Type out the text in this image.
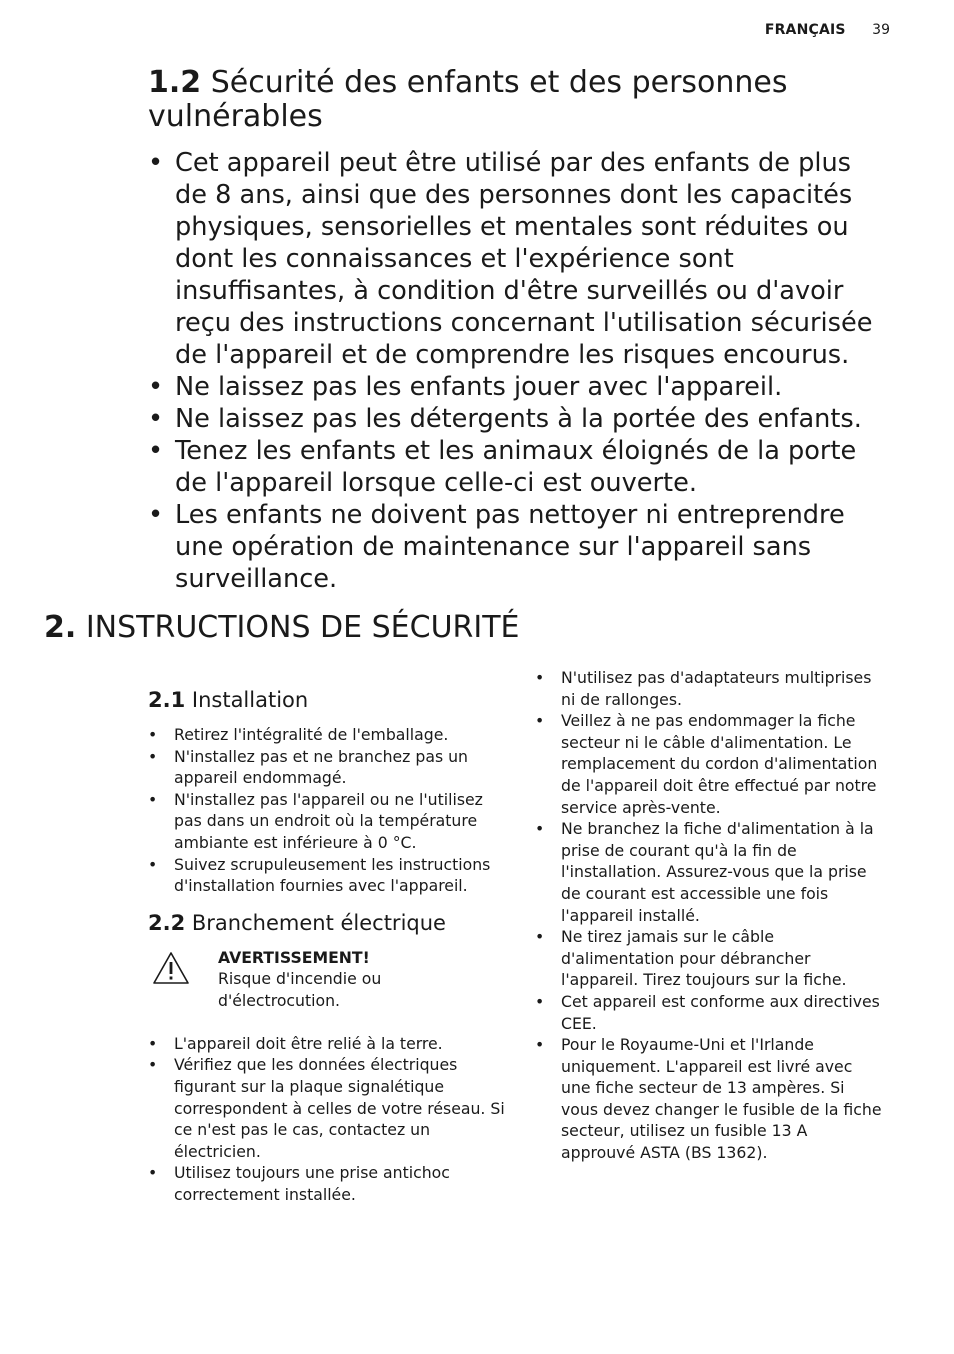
FRANÇAIS 39
1.2 Sécurité des enfants et des personnes vulnérables
• Cet appareil peut être utilisé par des enfants de plus de 8 ans, ainsi que des personnes dont les capacités physiques, sensorielles et mentales sont réduites ou dont les connaissances et l'expérience sont insuffisantes, à condition d'être surveillés ou d'avoir reçu des instructions concernant l'utilisation sécurisée de l'appareil et de comprendre les risques encourus.
• Ne laissez pas les enfants jouer avec l'appareil.
• Ne laissez pas les détergents à la portée des enfants.
• Tenez les enfants et les animaux éloignés de la porte de l'appareil lorsque celle-ci est ouverte.
• Les enfants ne doivent pas nettoyer ni entreprendre une opération de maintenance sur l'appareil sans surveillance.
2. INSTRUCTIONS DE SÉCURITÉ
2.1 Installation
• Retirez l'intégralité de l'emballage.
• N'installez pas et ne branchez pas un appareil endommagé.
• N'installez pas l'appareil ou ne l'utilisez pas dans un endroit où la température ambiante est inférieure à 0 °C.
• Suivez scrupuleusement les instructions d'installation fournies avec l'appareil.
2.2 Branchement électrique
AVERTISSEMENT!
Risque d'incendie ou d'électrocution.
• L'appareil doit être relié à la terre.
• Vérifiez que les données électriques figurant sur la plaque signalétique correspondent à celles de votre réseau. Si ce n'est pas le cas, contactez un électricien.
• Utilisez toujours une prise antichoc correctement installée.
• N'utilisez pas d'adaptateurs multiprises ni de rallonges.
• Veillez à ne pas endommager la fiche secteur ni le câble d'alimentation. Le remplacement du cordon d'alimentation de l'appareil doit être effectué par notre service après-vente.
• Ne branchez la fiche d'alimentation à la prise de courant qu'à la fin de l'installation. Assurez-vous que la prise de courant est accessible une fois l'appareil installé.
• Ne tirez jamais sur le câble d'alimentation pour débrancher l'appareil. Tirez toujours sur la fiche.
• Cet appareil est conforme aux directives CEE.
• Pour le Royaume-Uni et l'Irlande uniquement. L'appareil est livré avec une fiche secteur de 13 ampères. Si vous devez changer le fusible de la fiche secteur, utilisez un fusible 13 A approuvé ASTA (BS 1362).
